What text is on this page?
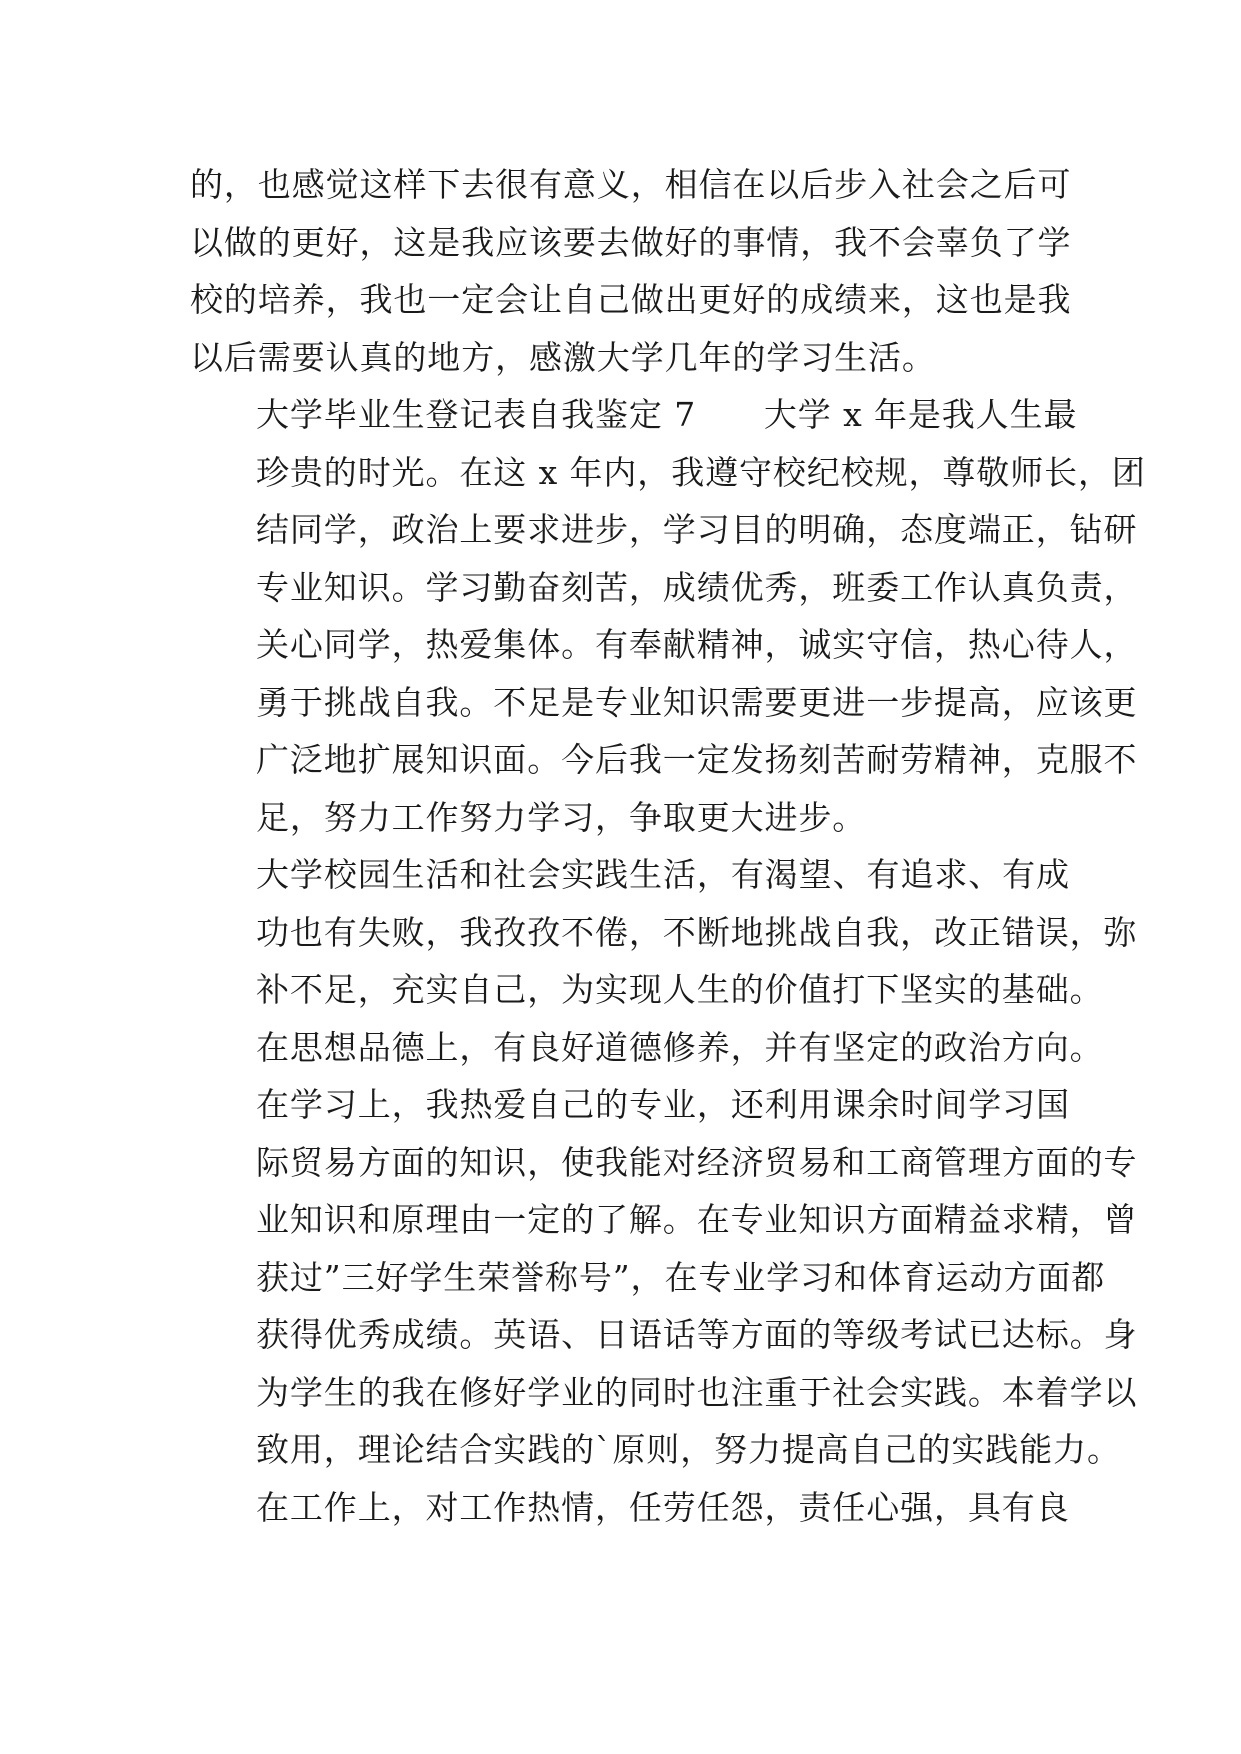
的，也感觉这样下去很有意义，相信在以后步入社会之后可
以做的更好，这是我应该要去做好的事情，我不会辜负了学
校的培养，我也一定会让自己做出更好的成绩来，这也是我
以后需要认真的地方，感激大学几年的学习生活。

大学毕业生登记表自我鉴定 7　　大学 x 年是我人生最
珍贵的时光。在这 x 年内，我遵守校纪校规，尊敬师长，团
结同学，政治上要求进步，学习目的明确，态度端正，钻研
专业知识。学习勤奋刻苦，成绩优秀，班委工作认真负责，
关心同学，热爱集体。有奉献精神，诚实守信，热心待人，
勇于挑战自我。不足是专业知识需要更进一步提高，应该更
广泛地扩展知识面。今后我一定发扬刻苦耐劳精神，克服不
足，努力工作努力学习，争取更大进步。

大学校园生活和社会实践生活，有渴望、有追求、有成
功也有失败，我孜孜不倦，不断地挑战自我，改正错误，弥
补不足，充实自己，为实现人生的价值打下坚实的基础。

在思想品德上，有良好道德修养，并有坚定的政治方向。

在学习上，我热爱自己的专业，还利用课余时间学习国
际贸易方面的知识，使我能对经济贸易和工商管理方面的专
业知识和原理由一定的了解。在专业知识方面精益求精，曾
获过”三好学生荣誉称号”，在专业学习和体育运动方面都
获得优秀成绩。英语、日语话等方面的等级考试已达标。身
为学生的我在修好学业的同时也注重于社会实践。本着学以
致用，理论结合实践的`原则，努力提高自己的实践能力。

在工作上，对工作热情，任劳任怨，责任心强，具有良
